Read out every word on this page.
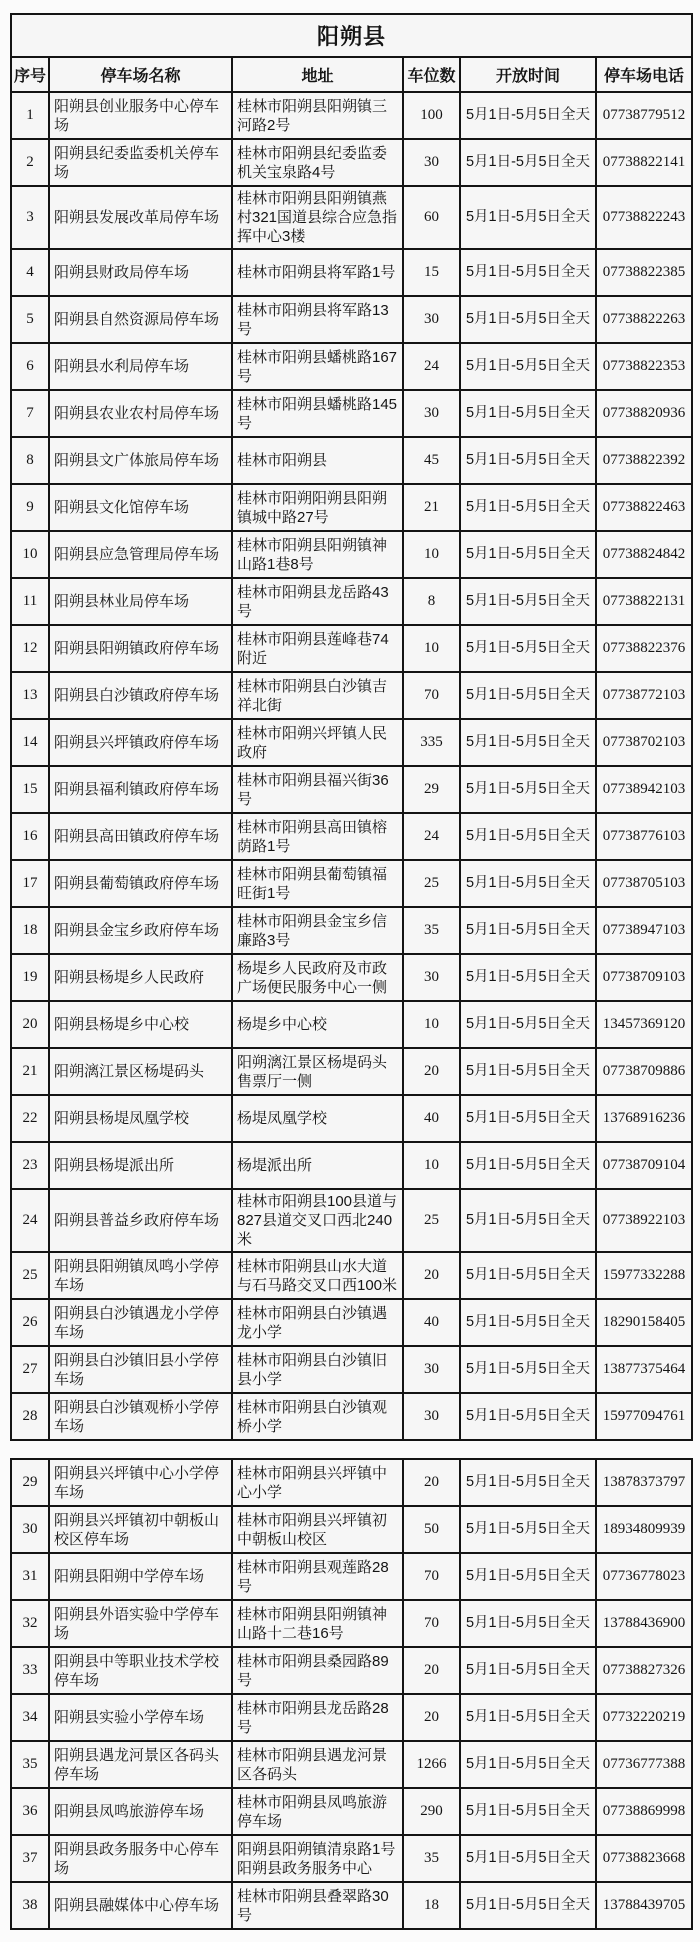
阳朔县					
序号	停车场名称	地址	车位数	开放时间	停车场电话
1	阳朔县创业服务中心停车场	桂林市阳朔县阳朔镇三河路2号	100	5月1日-5月5日全天	07738779512
2	阳朔县纪委监委机关停车场	桂林市阳朔县纪委监委机关宝泉路4号	30	5月1日-5月5日全天	07738822141
3	阳朔县发展改革局停车场	桂林市阳朔县阳朔镇燕村321国道县综合应急指挥中心3楼	60	5月1日-5月5日全天	07738822243
4	阳朔县财政局停车场	桂林市阳朔县将军路1号	15	5月1日-5月5日全天	07738822385
5	阳朔县自然资源局停车场	桂林市阳朔县将军路13号	30	5月1日-5月5日全天	07738822263
6	阳朔县水利局停车场	桂林市阳朔县蟠桃路167号	24	5月1日-5月5日全天	07738822353
7	阳朔县农业农村局停车场	桂林市阳朔县蟠桃路145号	30	5月1日-5月5日全天	07738820936
8	阳朔县文广体旅局停车场	桂林市阳朔县	45	5月1日-5月5日全天	07738822392
9	阳朔县文化馆停车场	桂林市阳朔阳朔县阳朔镇城中路27号	21	5月1日-5月5日全天	07738822463
10	阳朔县应急管理局停车场	桂林市阳朔县阳朔镇神山路1巷8号	10	5月1日-5月5日全天	07738824842
11	阳朔县林业局停车场	桂林市阳朔县龙岳路43号	8	5月1日-5月5日全天	07738822131
12	阳朔县阳朔镇政府停车场	桂林市阳朔县莲峰巷74附近	10	5月1日-5月5日全天	07738822376
13	阳朔县白沙镇政府停车场	桂林市阳朔县白沙镇吉祥北街	70	5月1日-5月5日全天	07738772103
14	阳朔县兴坪镇政府停车场	桂林市阳朔兴坪镇人民政府	335	5月1日-5月5日全天	07738702103
15	阳朔县福利镇政府停车场	桂林市阳朔县福兴街36号	29	5月1日-5月5日全天	07738942103
16	阳朔县高田镇政府停车场	桂林市阳朔县高田镇榕荫路1号	24	5月1日-5月5日全天	07738776103
17	阳朔县葡萄镇政府停车场	桂林市阳朔县葡萄镇福旺街1号	25	5月1日-5月5日全天	07738705103
18	阳朔县金宝乡政府停车场	桂林市阳朔县金宝乡信廉路3号	35	5月1日-5月5日全天	07738947103
19	阳朔县杨堤乡人民政府	杨堤乡人民政府及市政广场便民服务中心一侧	30	5月1日-5月5日全天	07738709103
20	阳朔县杨堤乡中心校	杨堤乡中心校	10	5月1日-5月5日全天	13457369120
21	阳朔漓江景区杨堤码头	阳朔漓江景区杨堤码头售票厅一侧	20	5月1日-5月5日全天	07738709886
22	阳朔县杨堤凤凰学校	杨堤凤凰学校	40	5月1日-5月5日全天	13768916236
23	阳朔县杨堤派出所	杨堤派出所	10	5月1日-5月5日全天	07738709104
24	阳朔县普益乡政府停车场	桂林市阳朔县100县道与827县道交叉口西北240米	25	5月1日-5月5日全天	07738922103
25	阳朔县阳朔镇凤鸣小学停车场	桂林市阳朔县山水大道与石马路交叉口西100米	20	5月1日-5月5日全天	15977332288
26	阳朔县白沙镇遇龙小学停车场	桂林市阳朔县白沙镇遇龙小学	40	5月1日-5月5日全天	18290158405
27	阳朔县白沙镇旧县小学停车场	桂林市阳朔县白沙镇旧县小学	30	5月1日-5月5日全天	13877375464
28	阳朔县白沙镇观桥小学停车场	桂林市阳朔县白沙镇观桥小学	30	5月1日-5月5日全天	15977094761
29	阳朔县兴坪镇中心小学停车场	桂林市阳朔县兴坪镇中心小学	20	5月1日-5月5日全天	13878373797
30	阳朔县兴坪镇初中朝板山校区停车场	桂林市阳朔县兴坪镇初中朝板山校区	50	5月1日-5月5日全天	18934809939
31	阳朔县阳朔中学停车场	桂林市阳朔县观莲路28号	70	5月1日-5月5日全天	07736778023
32	阳朔县外语实验中学停车场	桂林市阳朔县阳朔镇神山路十二巷16号	70	5月1日-5月5日全天	13788436900
33	阳朔县中等职业技术学校停车场	桂林市阳朔县桑园路89号	20	5月1日-5月5日全天	07738827326
34	阳朔县实验小学停车场	桂林市阳朔县龙岳路28号	20	5月1日-5月5日全天	07732220219
35	阳朔县遇龙河景区各码头停车场	桂林市阳朔县遇龙河景区各码头	1266	5月1日-5月5日全天	07736777388
36	阳朔县凤鸣旅游停车场	桂林市阳朔县凤鸣旅游停车场	290	5月1日-5月5日全天	07738869998
37	阳朔县政务服务中心停车场	阳朔县阳朔镇清泉路1号阳朔县政务服务中心	35	5月1日-5月5日全天	07738823668
38	阳朔县融媒体中心停车场	桂林市阳朔县叠翠路30号	18	5月1日-5月5日全天	13788439705
